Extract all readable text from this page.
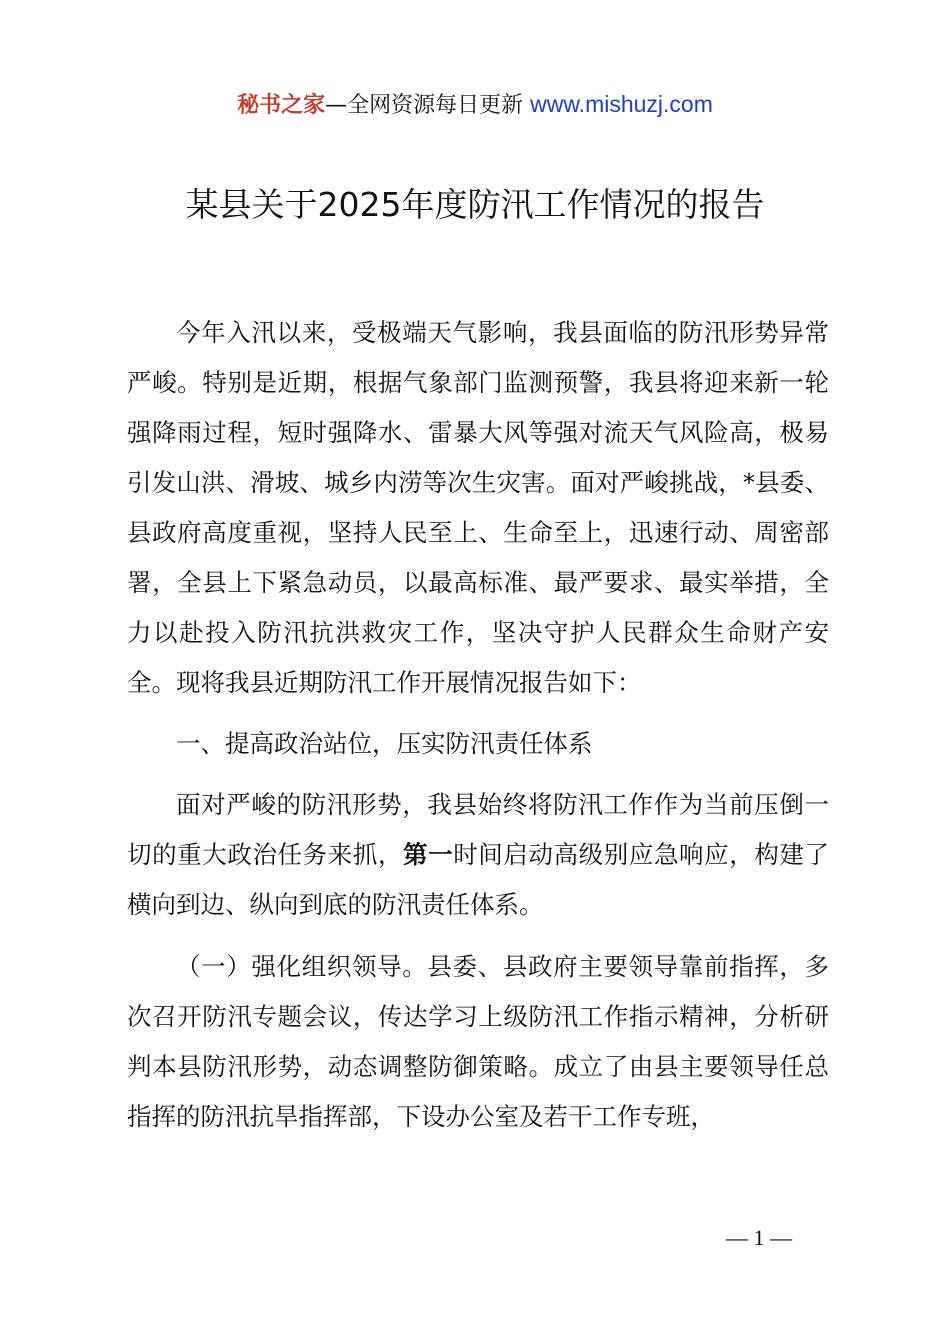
秘书之家—全网资源每日更新 www.mishuzj.com
某县关于2025年度防汛工作情况的报告

今年入汛以来，受极端天气影响，我县面临的防汛形势异常严峻。特别是近期，根据气象部门监测预警，我县将迎来新一轮强降雨过程，短时强降水、雷暴大风等强对流天气风险高，极易引发山洪、滑坡、城乡内涝等次生灾害。面对严峻挑战，*县委、县政府高度重视，坚持人民至上、生命至上，迅速行动、周密部署，全县上下紧急动员，以最高标准、最严要求、最实举措，全力以赴投入防汛抗洪救灾工作，坚决守护人民群众生命财产安全。现将我县近期防汛工作开展情况报告如下：

一、提高政治站位，压实防汛责任体系

面对严峻的防汛形势，我县始终将防汛工作作为当前压倒一切的重大政治任务来抓，第一时间启动高级别应急响应，构建了横向到边、纵向到底的防汛责任体系。

（一）强化组织领导。县委、县政府主要领导靠前指挥，多次召开防汛专题会议，传达学习上级防汛工作指示精神，分析研判本县防汛形势，动态调整防御策略。成立了由县主要领导任总指挥的防汛抗旱指挥部，下设办公室及若干工作专班，

— 1 —
